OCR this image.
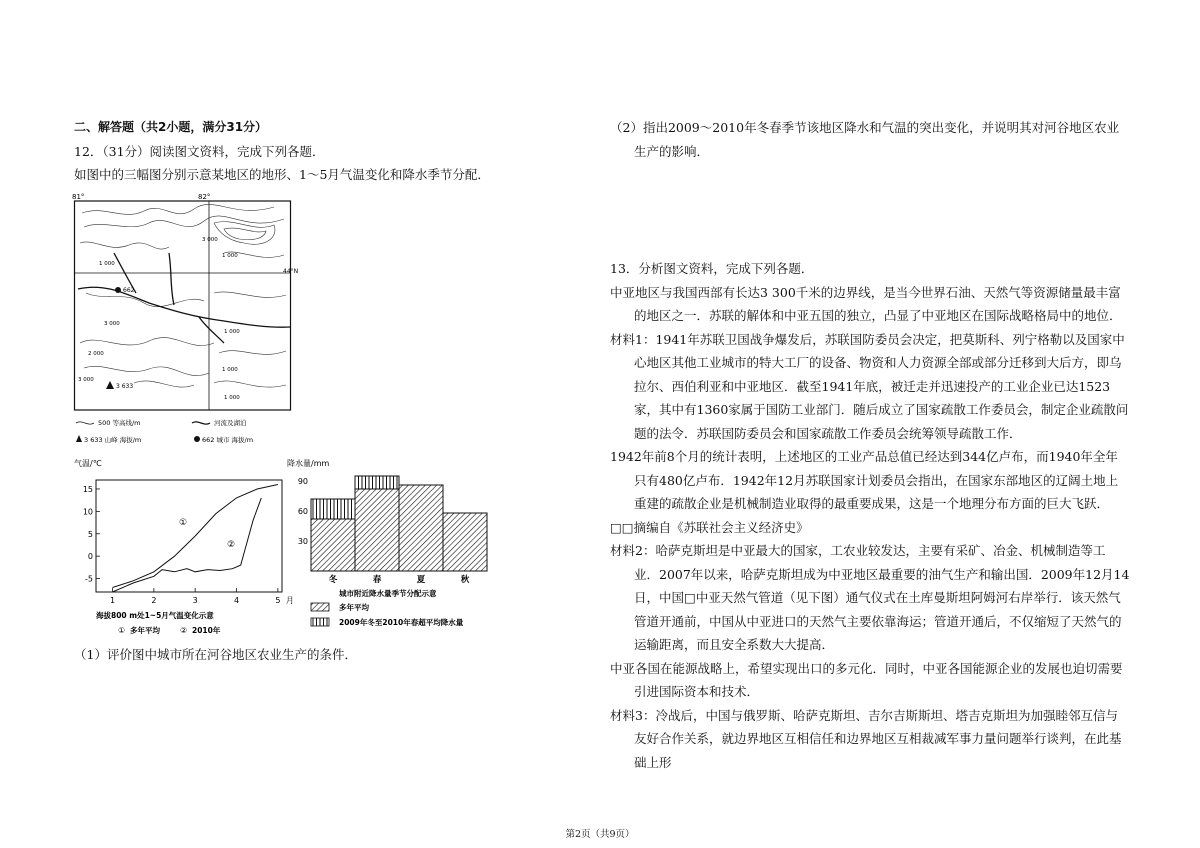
二、解答题（共2小题，满分31分）
12．（31分）阅读图文资料，完成下列各题．
如图中的三幅图分别示意某地区的地形、1～5月气温变化和降水季节分配．
81°	82°
44°N
3 000
1 000
1 000
3 000
2 000
1 000
1 000
3 000
1 000
662
3 633
500 等高线/m	河流及湖泊
3 633 山峰 海拔/m	662 城市 海拔/m
气温/℃
15
10
5
0
-5
1	2	3	4	5 月
①
②
海拔800 m处1~5月气温变化示意
① 多年平均	② 2010年
降水量/mm
90
60
30
冬	春	夏	秋
城市附近降水量季节分配示意
多年平均
2009年冬至2010年春超平均降水量
（1）评价图中城市所在河谷地区农业生产的条件．
（2）指出2009～2010年冬春季节该地区降水和气温的突出变化，并说明其对河谷地区农业生产的影响．
13．分析图文资料，完成下列各题．
中亚地区与我国西部有长达3 300千米的边界线，是当今世界石油、天然气等资源储量最丰富的地区之一．苏联的解体和中亚五国的独立，凸显了中亚地区在国际战略格局中的地位．
材料1：1941年苏联卫国战争爆发后，苏联国防委员会决定，把莫斯科、列宁格勒以及国家中心地区其他工业城市的特大工厂的设备、物资和人力资源全部或部分迁移到大后方，即乌拉尔、西伯利亚和中亚地区．截至1941年底，被迁走并迅速投产的工业企业已达1523家，其中有1360家属于国防工业部门．随后成立了国家疏散工作委员会，制定企业疏散问题的法令．苏联国防委员会和国家疏散工作委员会统筹领导疏散工作．
1942年前8个月的统计表明，上述地区的工业产品总值已经达到344亿卢布，而1940年全年只有480亿卢布．1942年12月苏联国家计划委员会指出，在国家东部地区的辽阔土地上重建的疏散企业是机械制造业取得的最重要成果，这是一个地理分布方面的巨大飞跃．
□□摘编自《苏联社会主义经济史》
材料2：哈萨克斯坦是中亚最大的国家，工农业较发达，主要有采矿、冶金、机械制造等工业．2007年以来，哈萨克斯坦成为中亚地区最重要的油气生产和输出国．2009年12月14日，中国□中亚天然气管道（见下图）通气仪式在土库曼斯坦阿姆河右岸举行．该天然气管道开通前，中国从中亚进口的天然气主要依靠海运；管道开通后，不仅缩短了天然气的运输距离，而且安全系数大大提高．
中亚各国在能源战略上，希望实现出口的多元化．同时，中亚各国能源企业的发展也迫切需要引进国际资本和技术．
材料3：冷战后，中国与俄罗斯、哈萨克斯坦、吉尔吉斯斯坦、塔吉克斯坦为加强睦邻互信与友好合作关系，就边界地区互相信任和边界地区互相裁减军事力量问题举行谈判，在此基础上形
第2页（共9页）
